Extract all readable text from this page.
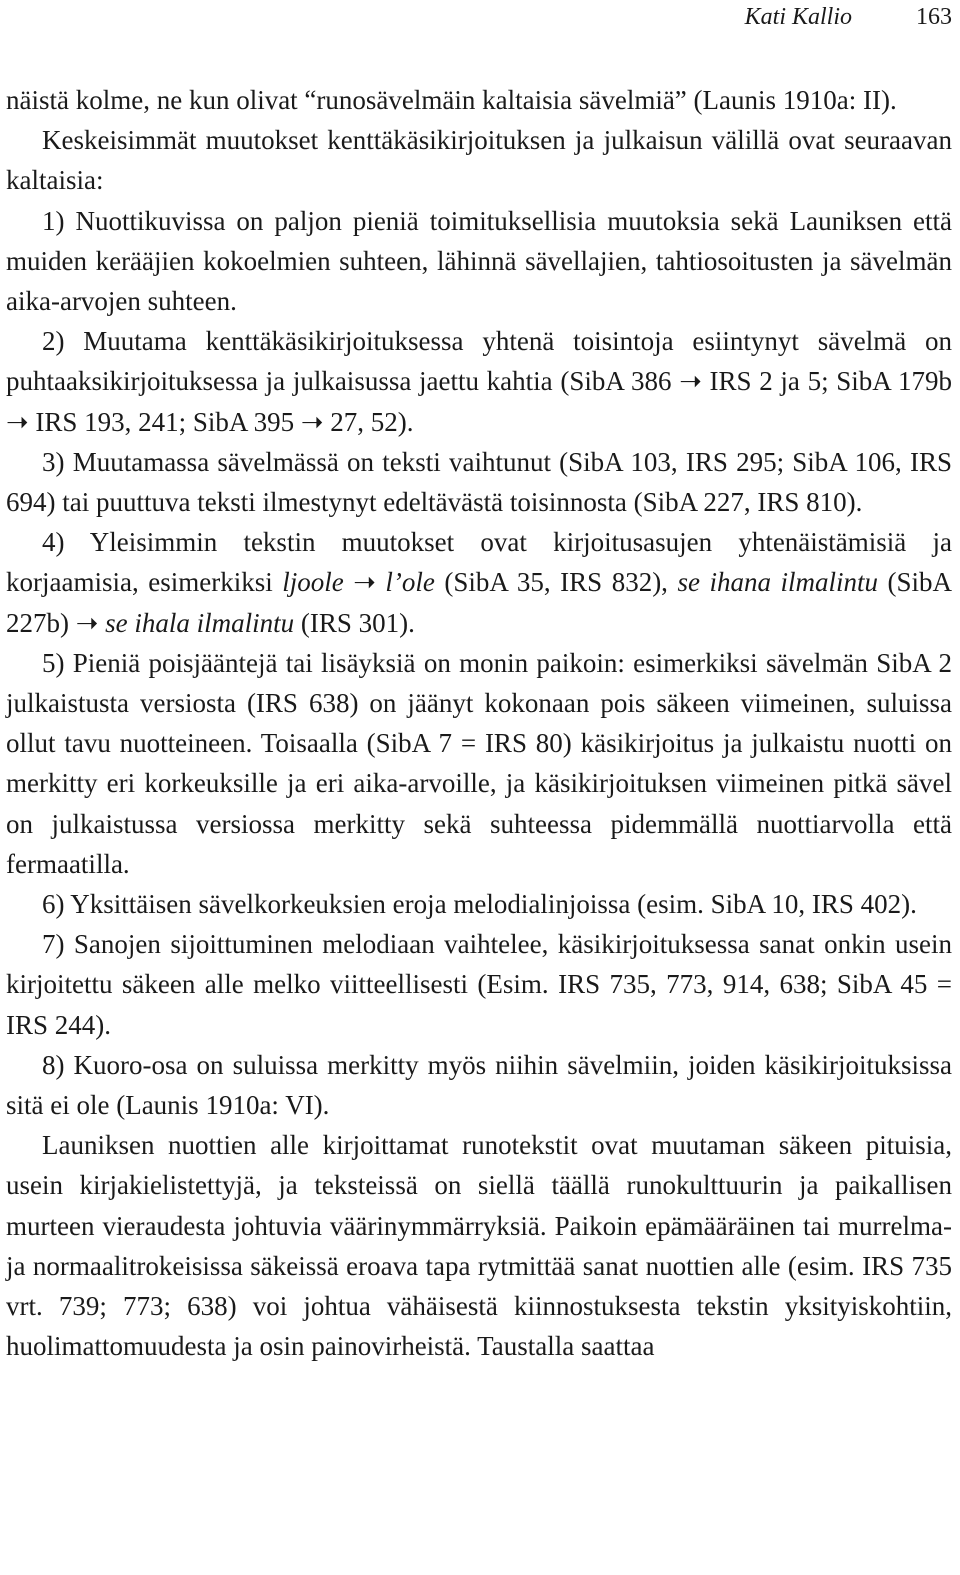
Kati Kallio	163

näistä kolme, ne kun olivat “runosävelmäin kaltaisia sävelmiä” (Launis 1910a: II).

Keskeisimmät muutokset kenttäkäsikirjoituksen ja julkaisun välillä ovat seuraavan kaltaisia:

1) Nuottikuvissa on paljon pieniä toimituksellisia muutoksia sekä Launiksen että muiden kerääjien kokoelmien suhteen, lähinnä sävellajien, tahtiosoitusten ja sävelmän aika-arvojen suhteen.

2) Muutama kenttäkäsikirjoituksessa yhtenä toisintoja esiintynyt sävelmä on puhtaaksikirjoituksessa ja julkaisussa jaettu kahtia (SibA 386 ➝ IRS 2 ja 5; SibA 179b ➝ IRS 193, 241; SibA 395 ➝ 27, 52).

3) Muutamassa sävelmässä on teksti vaihtunut (SibA 103, IRS 295; SibA 106, IRS 694) tai puuttuva teksti ilmestynyt edeltävästä toisinnosta (SibA 227, IRS 810).

4) Yleisimmin tekstin muutokset ovat kirjoitusasujen yhtenäistämisiä ja korjaamisia, esimerkiksi ljoole ➝ l’ole (SibA 35, IRS 832), se ihana ilmalintu (SibA 227b) ➝ se ihala ilmalintu (IRS 301).

5) Pieniä poisjääntejä tai lisäyksiä on monin paikoin: esimerkiksi sävelmän SibA 2 julkaistusta versiosta (IRS 638) on jäänyt kokonaan pois säkeen viimeinen, suluissa ollut tavu nuotteineen. Toisaalla (SibA 7 = IRS 80) käsikirjoitus ja julkaistu nuotti on merkitty eri korkeuksille ja eri aika-arvoille, ja käsikirjoituksen viimeinen pitkä sävel on julkaistussa versiossa merkitty sekä suhteessa pidemmällä nuottiarvolla että fermaatilla.

6) Yksittäisen sävelkorkeuksien eroja melodialinjoissa (esim. SibA 10, IRS 402).

7) Sanojen sijoittuminen melodiaan vaihtelee, käsikirjoituksessa sanat onkin usein kirjoitettu säkeen alle melko viitteellisesti (Esim. IRS 735, 773, 914, 638; SibA 45 = IRS 244).

8) Kuoro-osa on suluissa merkitty myös niihin sävelmiin, joiden käsikirjoituksissa sitä ei ole (Launis 1910a: VI).

Launiksen nuottien alle kirjoittamat runotekstit ovat muutaman säkeen pituisia, usein kirjakielistettyjä, ja teksteissä on siellä täällä runokulttuurin ja paikallisen murteen vieraudesta johtuvia väärinymmärryksiä. Paikoin epämääräinen tai murrelma- ja normaalitrokeisissa säkeissä eroava tapa rytmittää sanat nuottien alle (esim. IRS 735 vrt. 739; 773; 638) voi johtua vähäisestä kiinnostuksesta tekstin yksityiskohtiin, huolimattomuudesta ja osin painovirheistä. Taustalla saattaa
